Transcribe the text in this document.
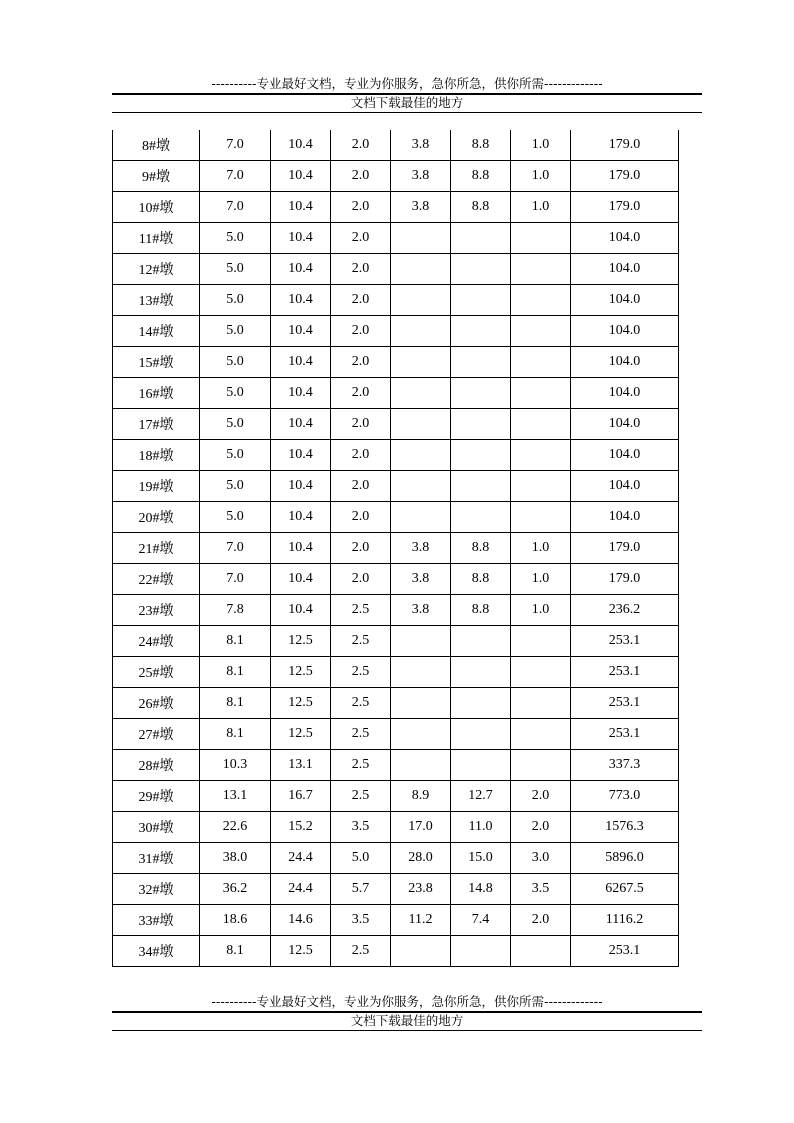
----------专业最好文档，专业为你服务，急你所急，供你所需-------------
文档下载最佳的地方
8#墩	7.0	10.4	2.0	3.8	8.8	1.0	179.0
9#墩	7.0	10.4	2.0	3.8	8.8	1.0	179.0
10#墩	7.0	10.4	2.0	3.8	8.8	1.0	179.0
11#墩	5.0	10.4	2.0				104.0
12#墩	5.0	10.4	2.0				104.0
13#墩	5.0	10.4	2.0				104.0
14#墩	5.0	10.4	2.0				104.0
15#墩	5.0	10.4	2.0				104.0
16#墩	5.0	10.4	2.0				104.0
17#墩	5.0	10.4	2.0				104.0
18#墩	5.0	10.4	2.0				104.0
19#墩	5.0	10.4	2.0				104.0
20#墩	5.0	10.4	2.0				104.0
21#墩	7.0	10.4	2.0	3.8	8.8	1.0	179.0
22#墩	7.0	10.4	2.0	3.8	8.8	1.0	179.0
23#墩	7.8	10.4	2.5	3.8	8.8	1.0	236.2
24#墩	8.1	12.5	2.5				253.1
25#墩	8.1	12.5	2.5				253.1
26#墩	8.1	12.5	2.5				253.1
27#墩	8.1	12.5	2.5				253.1
28#墩	10.3	13.1	2.5				337.3
29#墩	13.1	16.7	2.5	8.9	12.7	2.0	773.0
30#墩	22.6	15.2	3.5	17.0	11.0	2.0	1576.3
31#墩	38.0	24.4	5.0	28.0	15.0	3.0	5896.0
32#墩	36.2	24.4	5.7	23.8	14.8	3.5	6267.5
33#墩	18.6	14.6	3.5	11.2	7.4	2.0	1116.2
34#墩	8.1	12.5	2.5				253.1
----------专业最好文档，专业为你服务，急你所急，供你所需-------------
文档下载最佳的地方
